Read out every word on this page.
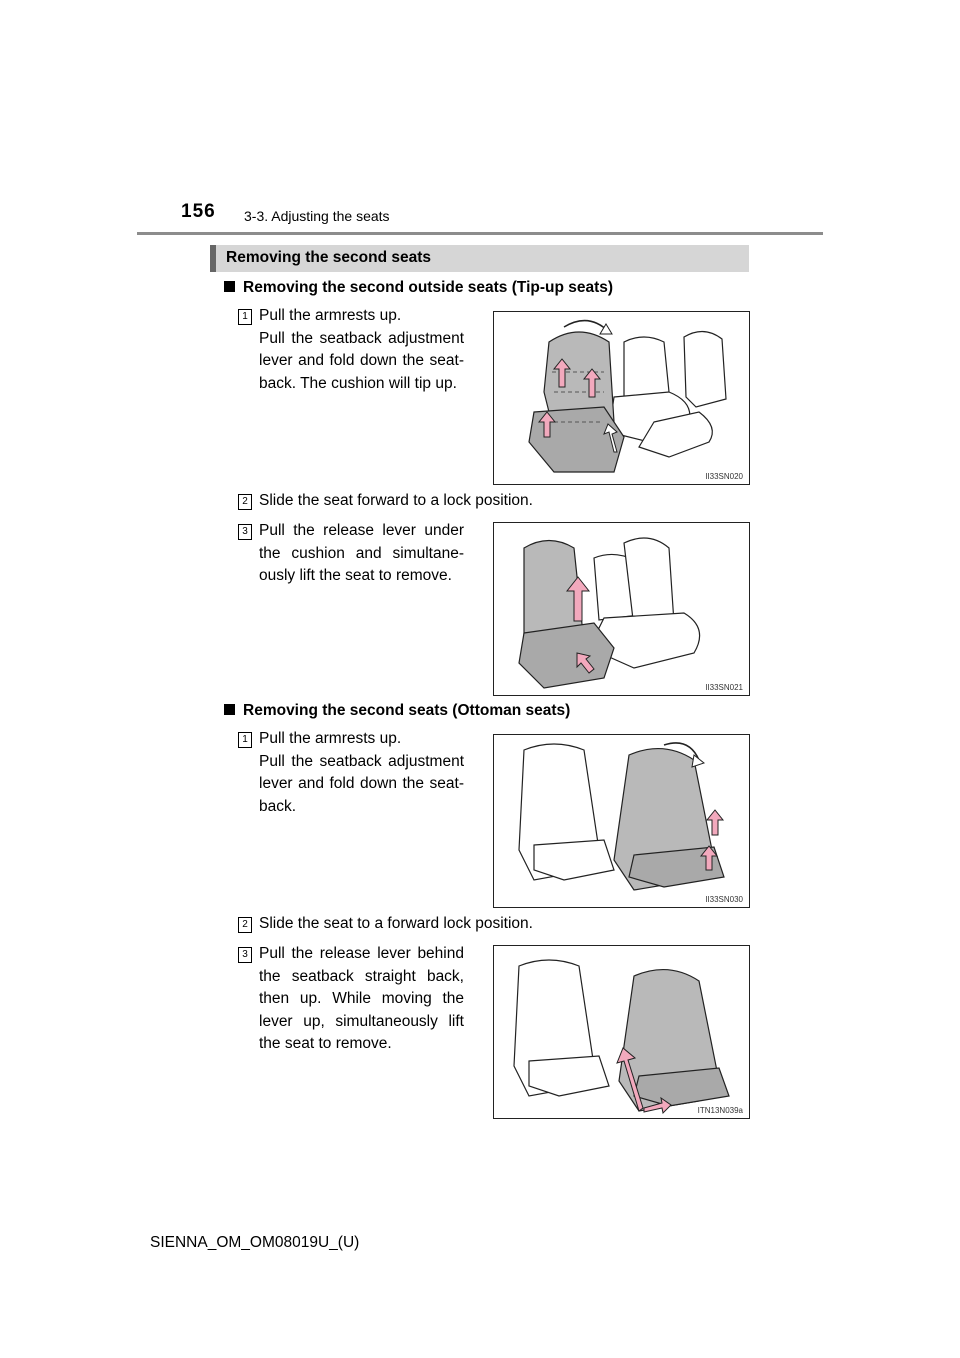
156 3-3. Adjusting the seats
Removing the second seats
Removing the second outside seats (Tip-up seats)
1 Pull the armrests up.
Pull the seatback adjustment lever and fold down the seat-back. The cushion will tip up.
II33SN020
2 Slide the seat forward to a lock position.
3 Pull the release lever under the cushion and simultane-ously lift the seat to remove.
II33SN021
Removing the second seats (Ottoman seats)
1 Pull the armrests up.
Pull the seatback adjustment lever and fold down the seat-back.
II33SN030
2 Slide the seat to a forward lock position.
3 Pull the release lever behind the seatback straight back, then up. While moving the lever up, simultaneously lift the seat to remove.
ITN13N039a
SIENNA_OM_OM08019U_(U)
